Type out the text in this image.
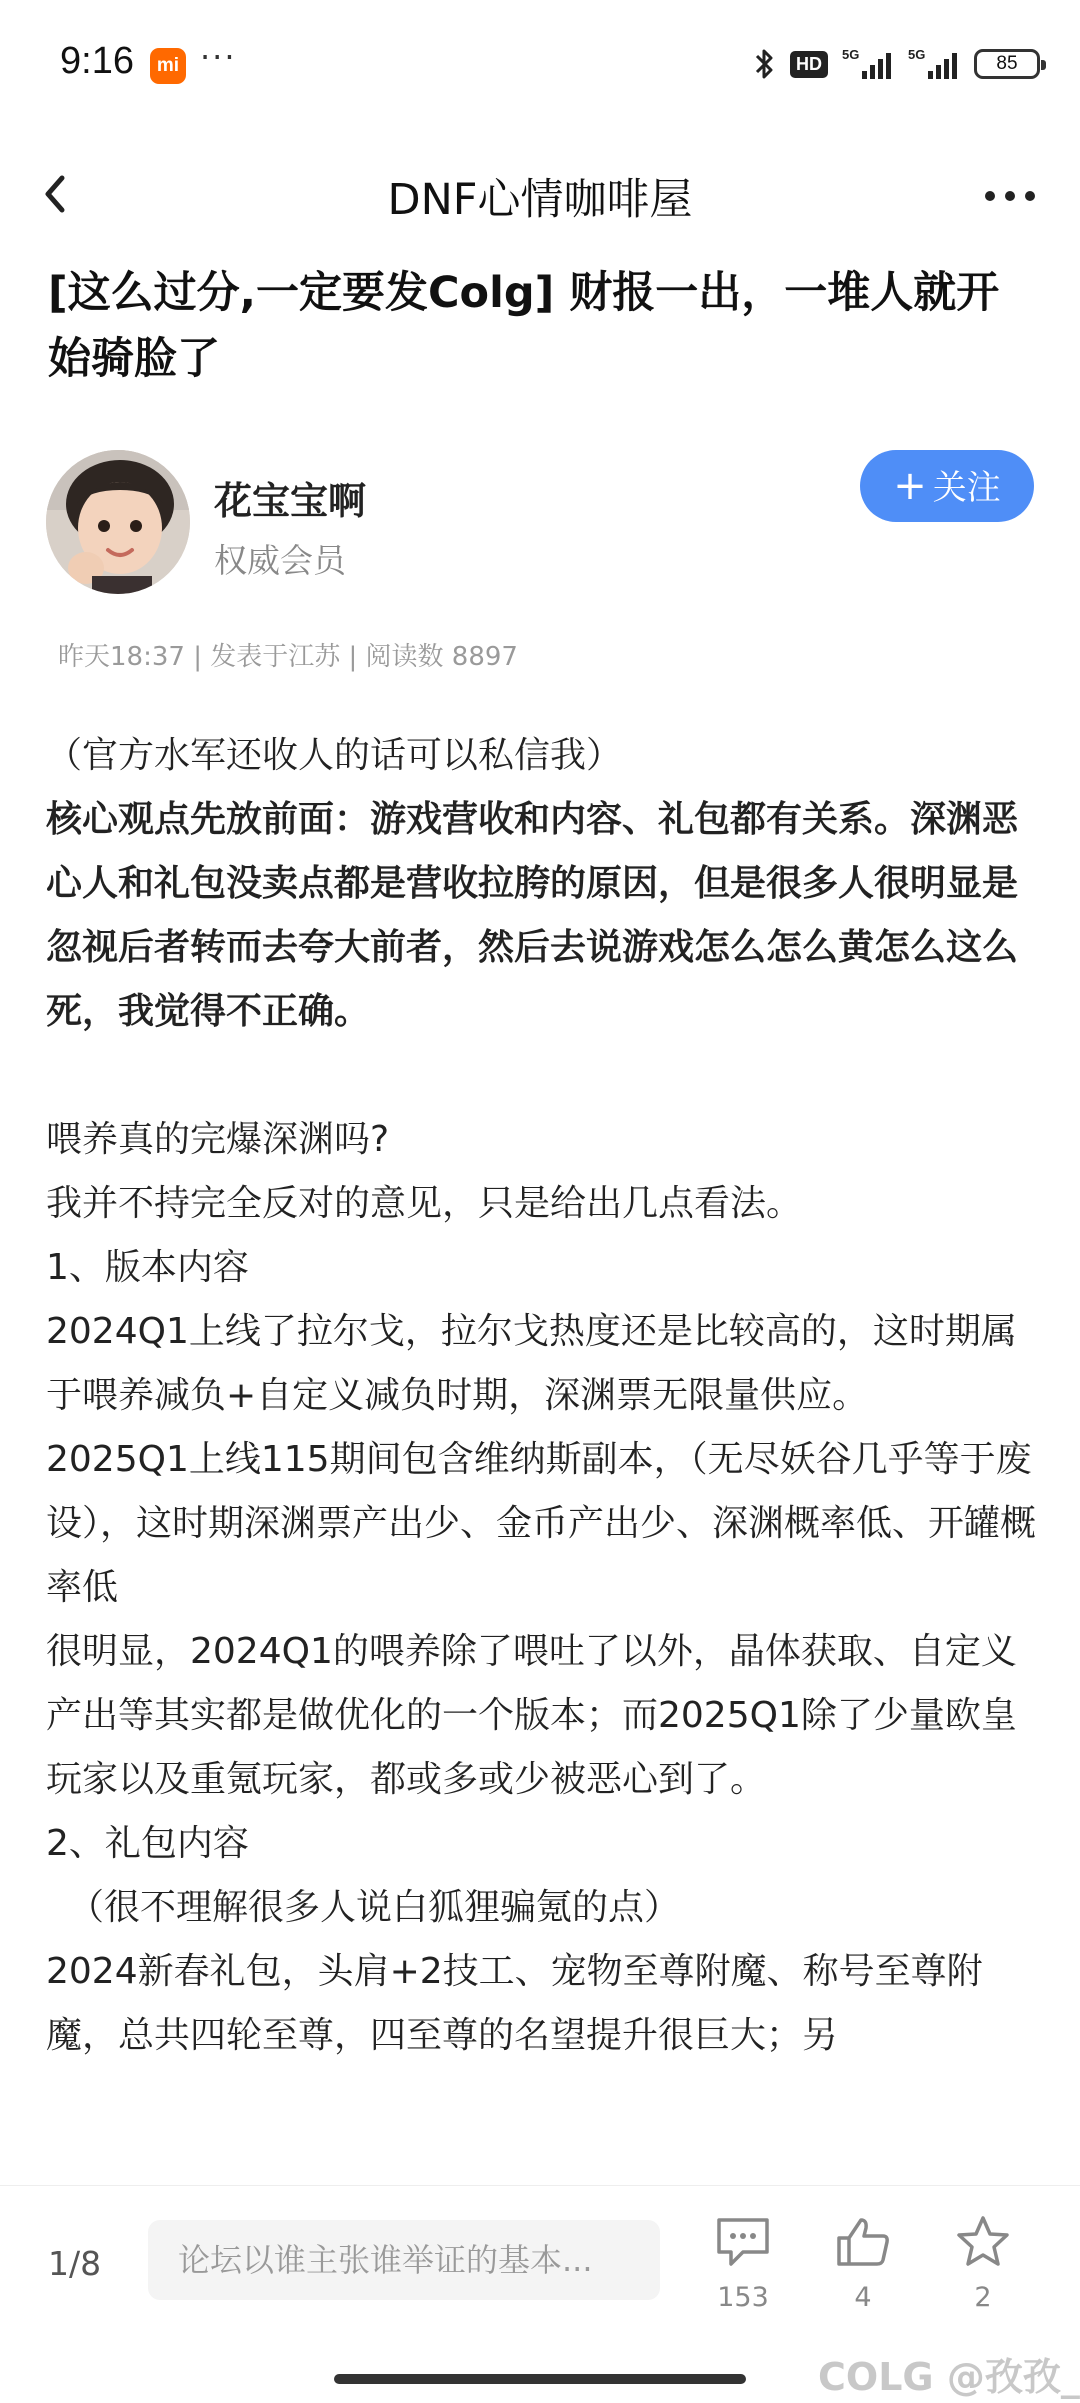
9:16	mi ···	HD	5G	5G	85
DNF心情咖啡屋
[这么过分,一定要发Colg] 财报一出，一堆人就开始骑脸了
花宝宝啊
权威会员
+ 关注
昨天18:37 | 发表于江苏 | 阅读数 8897

（官方水军还收人的话可以私信我）

核心观点先放前面：游戏营收和内容、礼包都有关系。深渊恶心人和礼包没卖点都是营收拉胯的原因，但是很多人很明显是忽视后者转而去夸大前者，然后去说游戏怎么怎么黄怎么这么死，我觉得不正确。

喂养真的完爆深渊吗?

我并不持完全反对的意见，只是给出几点看法。

1、版本内容

2024Q1上线了拉尔戈，拉尔戈热度还是比较高的，这时期属于喂养减负+自定义减负时期，深渊票无限量供应。

2025Q1上线115期间包含维纳斯副本，（无尽妖谷几乎等于废设），这时期深渊票产出少、金币产出少、深渊概率低、开罐概率低

很明显，2024Q1的喂养除了喂吐了以外，晶体获取、自定义产出等其实都是做优化的一个版本；而2025Q1除了少量欧皇玩家以及重氪玩家，都或多或少被恶心到了。

2、礼包内容

（很不理解很多人说白狐狸骗氪的点）

2024新春礼包，头肩+2技工、宠物至尊附魔、称号至尊附魔，总共四轮至尊，四至尊的名望提升很巨大；另

1/8	论坛以谁主张谁举证的基本...
153	4	2
COLG @孜孜_
